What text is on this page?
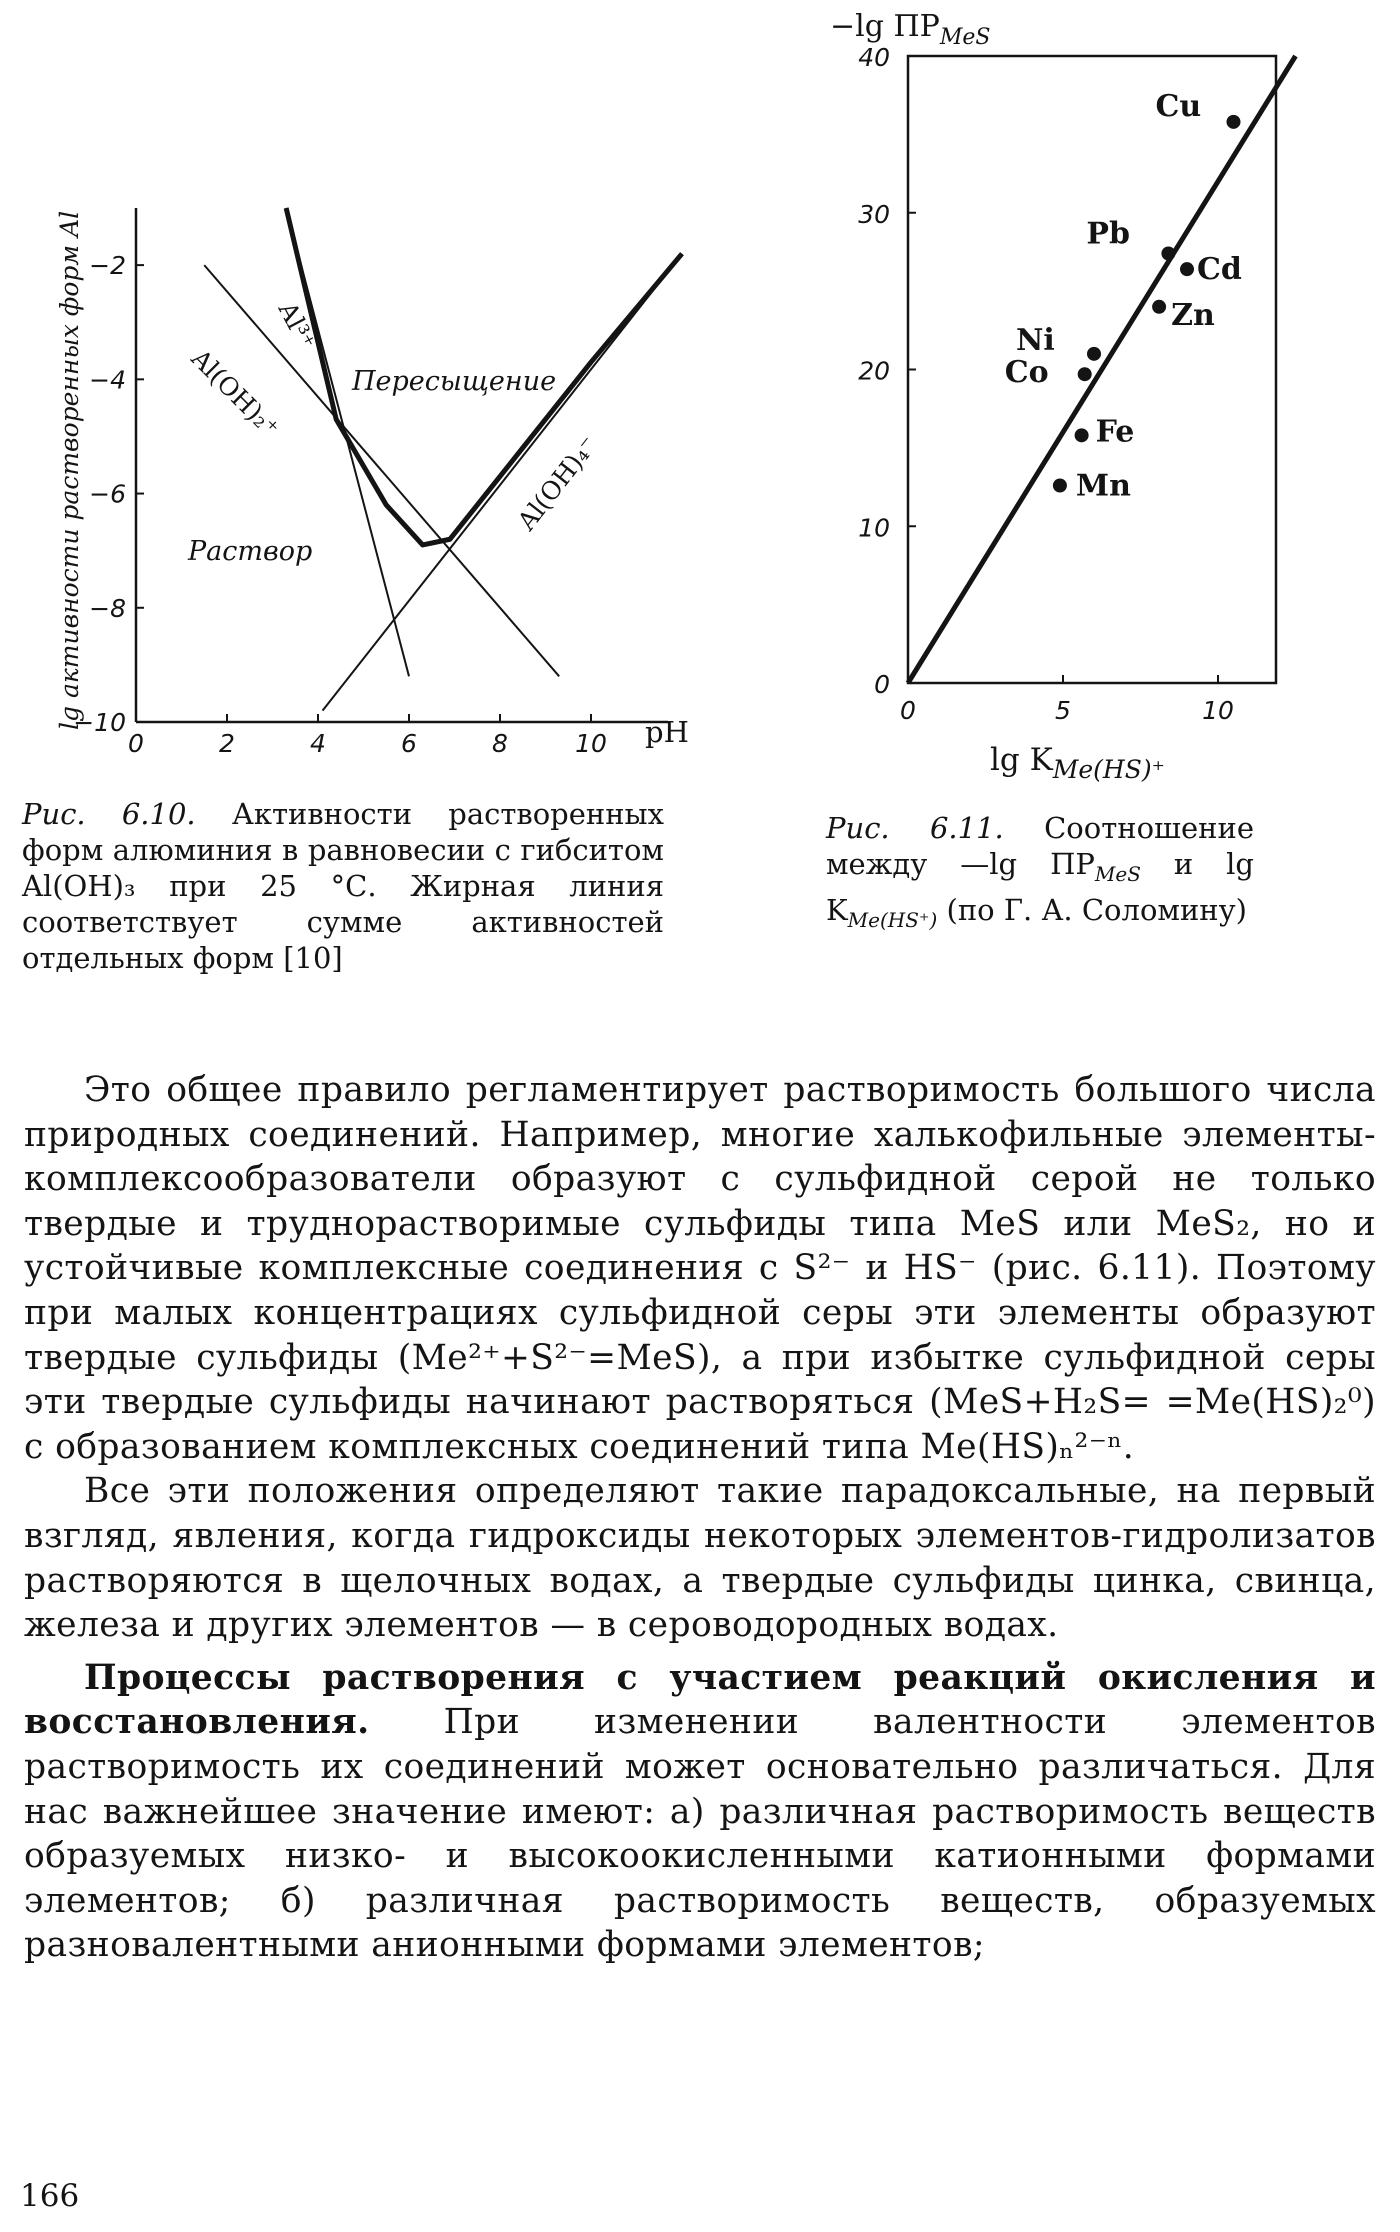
lg активности растворенных форм Al
pH
Пересыщение
Раствор
Al³⁺
Al(OH)₂⁺
Al(OH)₄⁻
0	2	4	6	8	10
−2
−4
−6
−8
−10
Рис. 6.10. Активности растворенных форм алюминия в равновесии с гибситом Al(OH)₃ при 25 °С. Жирная линия соответствует сумме активностей отдельных форм [10]
−lg $ПР_{MeS}$
$\lg K_{Me(HS)^+}$
0	5	10
40
30
20
10
0
Cu
Pb
Cd
Zn
Ni
Co
Fe
Mn
Рис. 6.11. Соотношение между —lg $ПР_{MeS}$ и $\lg K_{Me(HS^+)}$ (по Г. А. Соломину)

Это общее правило регламентирует растворимость большого числа природных соединений. Например, многие халькофильные элементы-комплексообразователи образуют с сульфидной серой не только твердые и труднорастворимые сульфиды типа MeS или MeS₂, но и устойчивые комплексные соединения с S²⁻ и HS⁻ (рис. 6.11). Поэтому при малых концентрациях сульфидной серы эти элементы образуют твердые сульфиды (Me²⁺+S²⁻=MeS), а при избытке сульфидной серы эти твердые сульфиды начинают растворяться (MeS+H₂S= =Me(HS)₂⁰) с образованием комплексных соединений типа Me(HS)ₙ²⁻ⁿ.

Все эти положения определяют такие парадоксальные, на первый взгляд, явления, когда гидроксиды некоторых элементов-гидролизатов растворяются в щелочных водах, а твердые сульфиды цинка, свинца, железа и других элементов — в сероводородных водах.

Процессы растворения с участием реакций окисления и восстановления. При изменении валентности элементов растворимость их соединений может основательно различаться. Для нас важнейшее значение имеют: а) различная растворимость веществ образуемых низко- и высокоокисленными катионными формами элементов; б) различная растворимость веществ, образуемых разновалентными анионными формами элементов;

166
